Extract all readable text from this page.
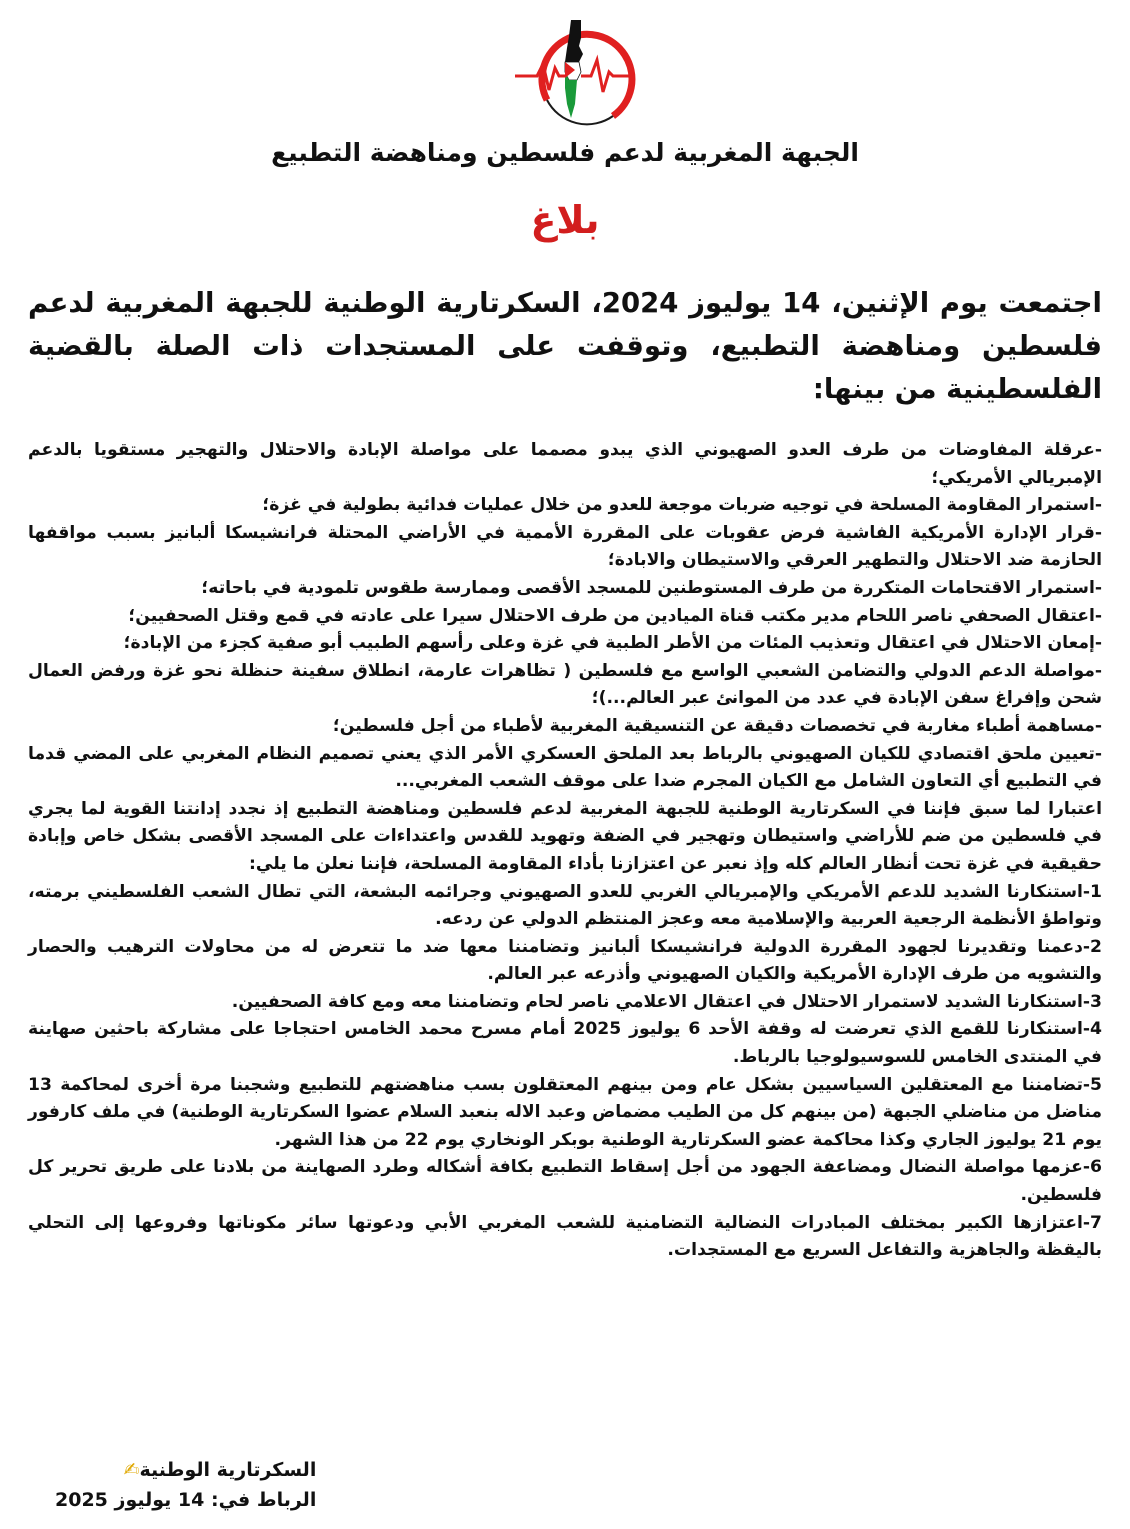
الجبهة المغربية لدعم فلسطين ومناهضة التطبيع
بلاغ
اجتمعت يوم الإثنين، 14 يوليوز 2024، السكرتارية الوطنية للجبهة المغربية لدعم فلسطين ومناهضة التطبيع، وتوقفت على المستجدات ذات الصلة بالقضية الفلسطينية من بينها:

-عرقلة المفاوضات من طرف العدو الصهيوني الذي يبدو مصمما على مواصلة الإبادة والاحتلال والتهجير مستقويا بالدعم الإمبريالي الأمريكي؛

-استمرار المقاومة المسلحة في توجيه ضربات موجعة للعدو من خلال عمليات فدائية بطولية في غزة؛

-قرار الإدارة الأمريكية الفاشية فرض عقوبات على المقررة الأممية في الأراضي المحتلة فرانشيسكا ألبانيز بسبب مواقفها الحازمة ضد الاحتلال والتطهير العرقي والاستيطان والابادة؛

-استمرار الاقتحامات المتكررة من طرف المستوطنين للمسجد الأقصى وممارسة طقوس تلمودية في باحاته؛

-اعتقال الصحفي ناصر اللحام مدير مكتب قناة الميادين من طرف الاحتلال سيرا على عادته في قمع وقتل الصحفيين؛

-إمعان الاحتلال في اعتقال وتعذيب المئات من الأطر الطبية في غزة وعلى رأسهم الطبيب أبو صفية كجزء من الإبادة؛

-مواصلة الدعم الدولي والتضامن الشعبي الواسع مع فلسطين ( تظاهرات عارمة، انطلاق سفينة حنظلة نحو غزة ورفض العمال شحن وإفراغ سفن الإبادة في عدد من الموانئ عبر العالم...)؛

-مساهمة أطباء مغاربة في تخصصات دقيقة عن التنسيقية المغربية لأطباء من أجل فلسطين؛

-تعيين ملحق اقتصادي للكيان الصهيوني بالرباط بعد الملحق العسكري الأمر الذي يعني تصميم النظام المغربي على المضي قدما في التطبيع أي التعاون الشامل مع الكيان المجرم ضدا على موقف الشعب المغربي...

اعتبارا لما سبق فإننا في السكرتارية الوطنية للجبهة المغربية لدعم فلسطين ومناهضة التطبيع إذ نجدد إدانتنا القوية لما يجري في فلسطين من ضم للأراضي واستيطان وتهجير في الضفة وتهويد للقدس واعتداءات على المسجد الأقصى بشكل خاص وإبادة حقيقية في غزة تحت أنظار العالم كله وإذ نعبر عن اعتزازنا بأداء المقاومة المسلحة، فإننا نعلن ما يلي:

1-استنكارنا الشديد للدعم الأمريكي والإمبريالي الغربي للعدو الصهيوني وجرائمه البشعة، التي تطال الشعب الفلسطيني برمته، وتواطؤ الأنظمة الرجعية العربية والإسلامية معه وعجز المنتظم الدولي عن ردعه.

2-دعمنا وتقديرنا لجهود المقررة الدولية فرانشيسكا ألبانيز وتضامننا معها ضد ما تتعرض له من محاولات الترهيب والحصار والتشويه من طرف الإدارة الأمريكية والكيان الصهيوني وأذرعه عبر العالم.

3-استنكارنا الشديد لاستمرار الاحتلال في اعتقال الاعلامي ناصر لحام وتضامننا معه ومع كافة الصحفيين.

4-استنكارنا للقمع الذي تعرضت له وقفة الأحد 6 يوليوز 2025 أمام مسرح محمد الخامس احتجاجا على مشاركة باحثين صهاينة في المنتدى الخامس للسوسيولوجيا بالرباط.

5-تضامننا مع المعتقلين السياسيين بشكل عام ومن بينهم المعتقلون بسب مناهضتهم للتطبيع وشجبنا مرة أخرى لمحاكمة 13 مناضل من مناضلي الجبهة (من بينهم كل من الطيب مضماض وعبد الاله بنعبد السلام عضوا السكرتارية الوطنية) في ملف كارفور يوم 21 يوليوز الجاري وكذا محاكمة عضو السكرتارية الوطنية بوبكر الونخاري يوم 22 من هذا الشهر.

6-عزمها مواصلة النضال ومضاعفة الجهود من أجل إسقاط التطبيع بكافة أشكاله وطرد الصهاينة من بلادنا على طريق تحرير كل فلسطين.

7-اعتزازها الكبير بمختلف المبادرات النضالية التضامنية للشعب المغربي الأبي ودعوتها سائر مكوناتها وفروعها إلى التحلي باليقظة والجاهزية والتفاعل السريع مع المستجدات.

السكرتارية الوطنية✍
الرباط في: 14 يوليوز 2025
